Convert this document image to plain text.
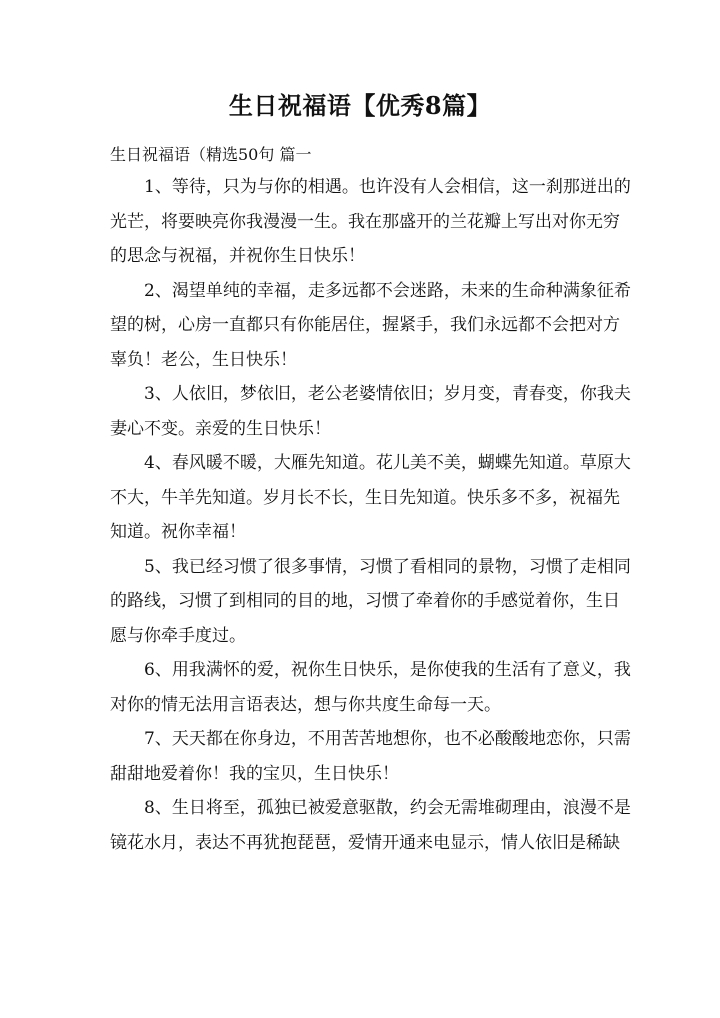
生日祝福语【优秀8篇】
生日祝福语（精选50句 篇一

1、等待，只为与你的相遇。也许没有人会相信，这一刹那迸出的
光芒，将要映亮你我漫漫一生。我在那盛开的兰花瓣上写出对你无穷
的思念与祝福，并祝你生日快乐！

2、渴望单纯的幸福，走多远都不会迷路，未来的生命种满象征希
望的树，心房一直都只有你能居住，握紧手，我们永远都不会把对方
辜负！老公，生日快乐！

3、人依旧，梦依旧，老公老婆情依旧；岁月变，青春变，你我夫
妻心不变。亲爱的生日快乐！

4、春风暖不暖，大雁先知道。花儿美不美，蝴蝶先知道。草原大
不大，牛羊先知道。岁月长不长，生日先知道。快乐多不多，祝福先
知道。祝你幸福！

5、我已经习惯了很多事情，习惯了看相同的景物，习惯了走相同
的路线，习惯了到相同的目的地，习惯了牵着你的手感觉着你，生日
愿与你牵手度过。

6、用我满怀的爱，祝你生日快乐，是你使我的生活有了意义，我
对你的情无法用言语表达，想与你共度生命每一天。

7、天天都在你身边，不用苦苦地想你，也不必酸酸地恋你，只需
甜甜地爱着你！我的宝贝，生日快乐！

8、生日将至，孤独已被爱意驱散，约会无需堆砌理由，浪漫不是
镜花水月，表达不再犹抱琵琶，爱情开通来电显示，情人依旧是稀缺
